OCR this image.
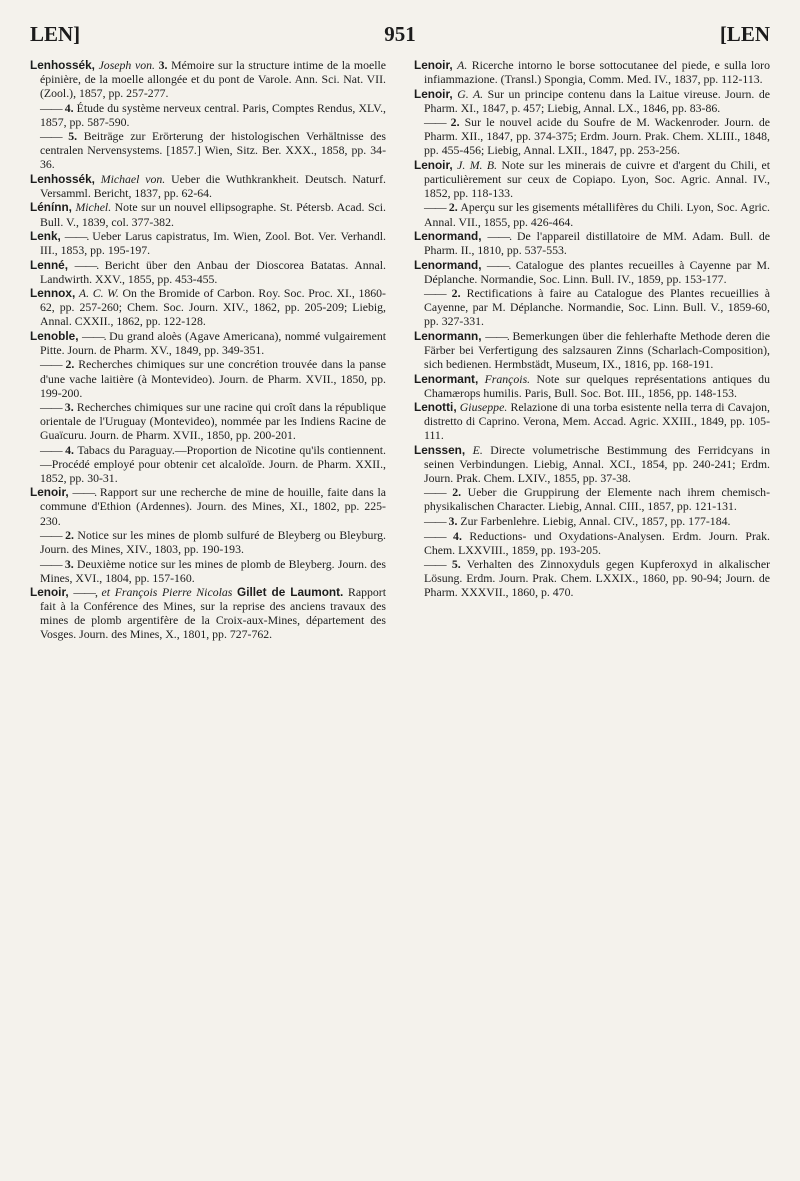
LEN]	951	[LEN

Lenhossék, Joseph von. 3. Mémoire sur la structure intime de la moelle épinière, de la moelle allongée et du pont de Varole. Ann. Sci. Nat. VII. (Zool.), 1857, pp. 257-277.

—— 4. Étude du système nerveux central. Paris, Comptes Rendus, XLV., 1857, pp. 587-590.

—— 5. Beiträge zur Erörterung der histologischen Verhältnisse des centralen Nervensystems. [1857.] Wien, Sitz. Ber. XXX., 1858, pp. 34-36.

Lenhossék, Michael von. Ueber die Wuthkrankheit. Deutsch. Naturf. Versamml. Bericht, 1837, pp. 62-64.

Lénínn, Michel. Note sur un nouvel ellipsographe. St. Pétersb. Acad. Sci. Bull. V., 1839, col. 377-382.

Lenk, ——. Ueber Larus capistratus, Im. Wien, Zool. Bot. Ver. Verhandl. III., 1853, pp. 195-197.

Lenné, ——. Bericht über den Anbau der Dioscorea Batatas. Annal. Landwirth. XXV., 1855, pp. 453-455.

Lennox, A. C. W. On the Bromide of Carbon. Roy. Soc. Proc. XI., 1860-62, pp. 257-260; Chem. Soc. Journ. XIV., 1862, pp. 205-209; Liebig, Annal. CXXII., 1862, pp. 122-128.

Lenoble, ——. Du grand aloès (Agave Americana), nommé vulgairement Pitte. Journ. de Pharm. XV., 1849, pp. 349-351.

—— 2. Recherches chimiques sur une concrétion trouvée dans la panse d'une vache laitière (à Montevideo). Journ. de Pharm. XVII., 1850, pp. 199-200.

—— 3. Recherches chimiques sur une racine qui croît dans la république orientale de l'Uruguay (Montevideo), nommée par les Indiens Racine de Guaïcuru. Journ. de Pharm. XVII., 1850, pp. 200-201.

—— 4. Tabacs du Paraguay.—Proportion de Nicotine qu'ils contiennent.—Procédé employé pour obtenir cet alcaloïde. Journ. de Pharm. XXII., 1852, pp. 30-31.

Lenoir, ——. Rapport sur une recherche de mine de houille, faite dans la commune d'Ethion (Ardennes). Journ. des Mines, XI., 1802, pp. 225-230.

—— 2. Notice sur les mines de plomb sulfuré de Bleyberg ou Bleyburg. Journ. des Mines, XIV., 1803, pp. 190-193.

—— 3. Deuxième notice sur les mines de plomb de Bleyberg. Journ. des Mines, XVI., 1804, pp. 157-160.

Lenoir, ——, et François Pierre Nicolas Gillet de Laumont. Rapport fait à la Conférence des Mines, sur la reprise des anciens travaux des mines de plomb argentifère de la Croix-aux-Mines, département des Vosges. Journ. des Mines, X., 1801, pp. 727-762.

Lenoir, A. Ricerche intorno le borse sottocutanee del piede, e sulla loro infiammazione. (Transl.) Spongia, Comm. Med. IV., 1837, pp. 112-113.

Lenoir, G. A. Sur un principe contenu dans la Laitue vireuse. Journ. de Pharm. XI., 1847, p. 457; Liebig, Annal. LX., 1846, pp. 83-86.

—— 2. Sur le nouvel acide du Soufre de M. Wackenroder. Journ. de Pharm. XII., 1847, pp. 374-375; Erdm. Journ. Prak. Chem. XLIII., 1848, pp. 455-456; Liebig, Annal. LXII., 1847, pp. 253-256.

Lenoir, J. M. B. Note sur les minerais de cuivre et d'argent du Chili, et particulièrement sur ceux de Copiapo. Lyon, Soc. Agric. Annal. IV., 1852, pp. 118-133.

—— 2. Aperçu sur les gisements métallifères du Chili. Lyon, Soc. Agric. Annal. VII., 1855, pp. 426-464.

Lenormand, ——. De l'appareil distillatoire de MM. Adam. Bull. de Pharm. II., 1810, pp. 537-553.

Lenormand, ——. Catalogue des plantes recueilles à Cayenne par M. Déplanche. Normandie, Soc. Linn. Bull. IV., 1859, pp. 153-177.

—— 2. Rectifications à faire au Catalogue des Plantes recueillies à Cayenne, par M. Déplanche. Normandie, Soc. Linn. Bull. V., 1859-60, pp. 327-331.

Lenormann, ——. Bemerkungen über die fehlerhafte Methode deren die Färber bei Verfertigung des salzsauren Zinns (Scharlach-Composition), sich bedienen. Hermbstädt, Museum, IX., 1816, pp. 168-191.

Lenormant, François. Note sur quelques représentations antiques du Chamærops humilis. Paris, Bull. Soc. Bot. III., 1856, pp. 148-153.

Lenotti, Giuseppe. Relazione di una torba esistente nella terra di Cavajon, distretto di Caprino. Verona, Mem. Accad. Agric. XXIII., 1849, pp. 105-111.

Lenssen, E. Directe volumetrische Bestimmung des Ferridcyans in seinen Verbindungen. Liebig, Annal. XCI., 1854, pp. 240-241; Erdm. Journ. Prak. Chem. LXIV., 1855, pp. 37-38.

—— 2. Ueber die Gruppirung der Elemente nach ihrem chemisch-physikalischen Character. Liebig, Annal. CIII., 1857, pp. 121-131.

—— 3. Zur Farbenlehre. Liebig, Annal. CIV., 1857, pp. 177-184.

—— 4. Reductions- und Oxydations-Analysen. Erdm. Journ. Prak. Chem. LXXVIII., 1859, pp. 193-205.

—— 5. Verhalten des Zinnoxyduls gegen Kupferoxyd in alkalischer Lösung. Erdm. Journ. Prak. Chem. LXXIX., 1860, pp. 90-94; Journ. de Pharm. XXXVII., 1860, p. 470.
